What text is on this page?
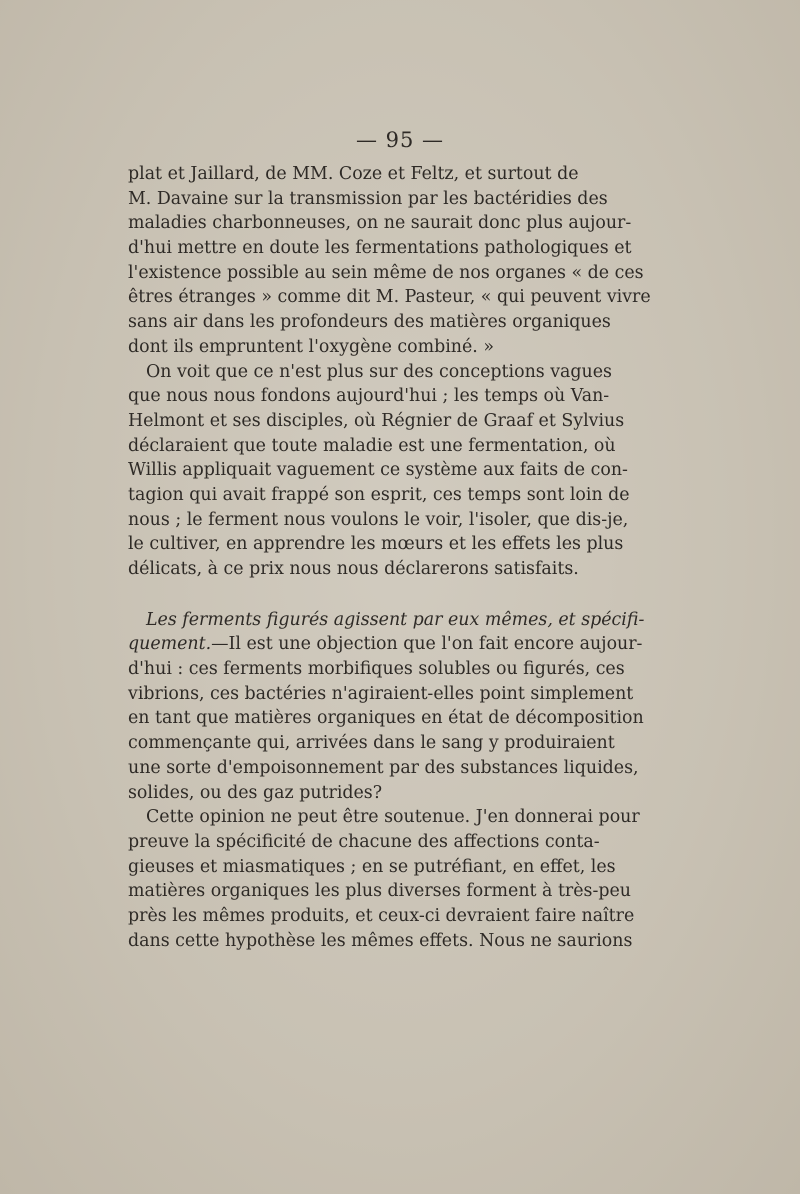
— 95 —
plat et Jaillard, de MM. Coze et Feltz, et surtout de
M. Davaine sur la transmission par les bactéridies des
maladies charbonneuses, on ne saurait donc plus aujour-
d'hui mettre en doute les fermentations pathologiques et
l'existence possible au sein même de nos organes « de ces
êtres étranges » comme dit M. Pasteur, « qui peuvent vivre
sans air dans les profondeurs des matières organiques
dont ils empruntent l'oxygène combiné. »
On voit que ce n'est plus sur des conceptions vagues
que nous nous fondons aujourd'hui ; les temps où Van-
Helmont et ses disciples, où Régnier de Graaf et Sylvius
déclaraient que toute maladie est une fermentation, où
Willis appliquait vaguement ce système aux faits de con-
tagion qui avait frappé son esprit, ces temps sont loin de
nous ; le ferment nous voulons le voir, l'isoler, que dis-je,
le cultiver, en apprendre les mœurs et les effets les plus
délicats, à ce prix nous nous déclarerons satisfaits.
Les ferments figurés agissent par eux mêmes, et spécifi-
quement.—Il est une objection que l'on fait encore aujour-
d'hui : ces ferments morbifiques solubles ou figurés, ces
vibrions, ces bactéries n'agiraient-elles point simplement
en tant que matières organiques en état de décomposition
commençante qui, arrivées dans le sang y produiraient
une sorte d'empoisonnement par des substances liquides,
solides, ou des gaz putrides?
Cette opinion ne peut être soutenue. J'en donnerai pour
preuve la spécificité de chacune des affections conta-
gieuses et miasmatiques ; en se putréfiant, en effet, les
matières organiques les plus diverses forment à très-peu
près les mêmes produits, et ceux-ci devraient faire naître
dans cette hypothèse les mêmes effets. Nous ne saurions
